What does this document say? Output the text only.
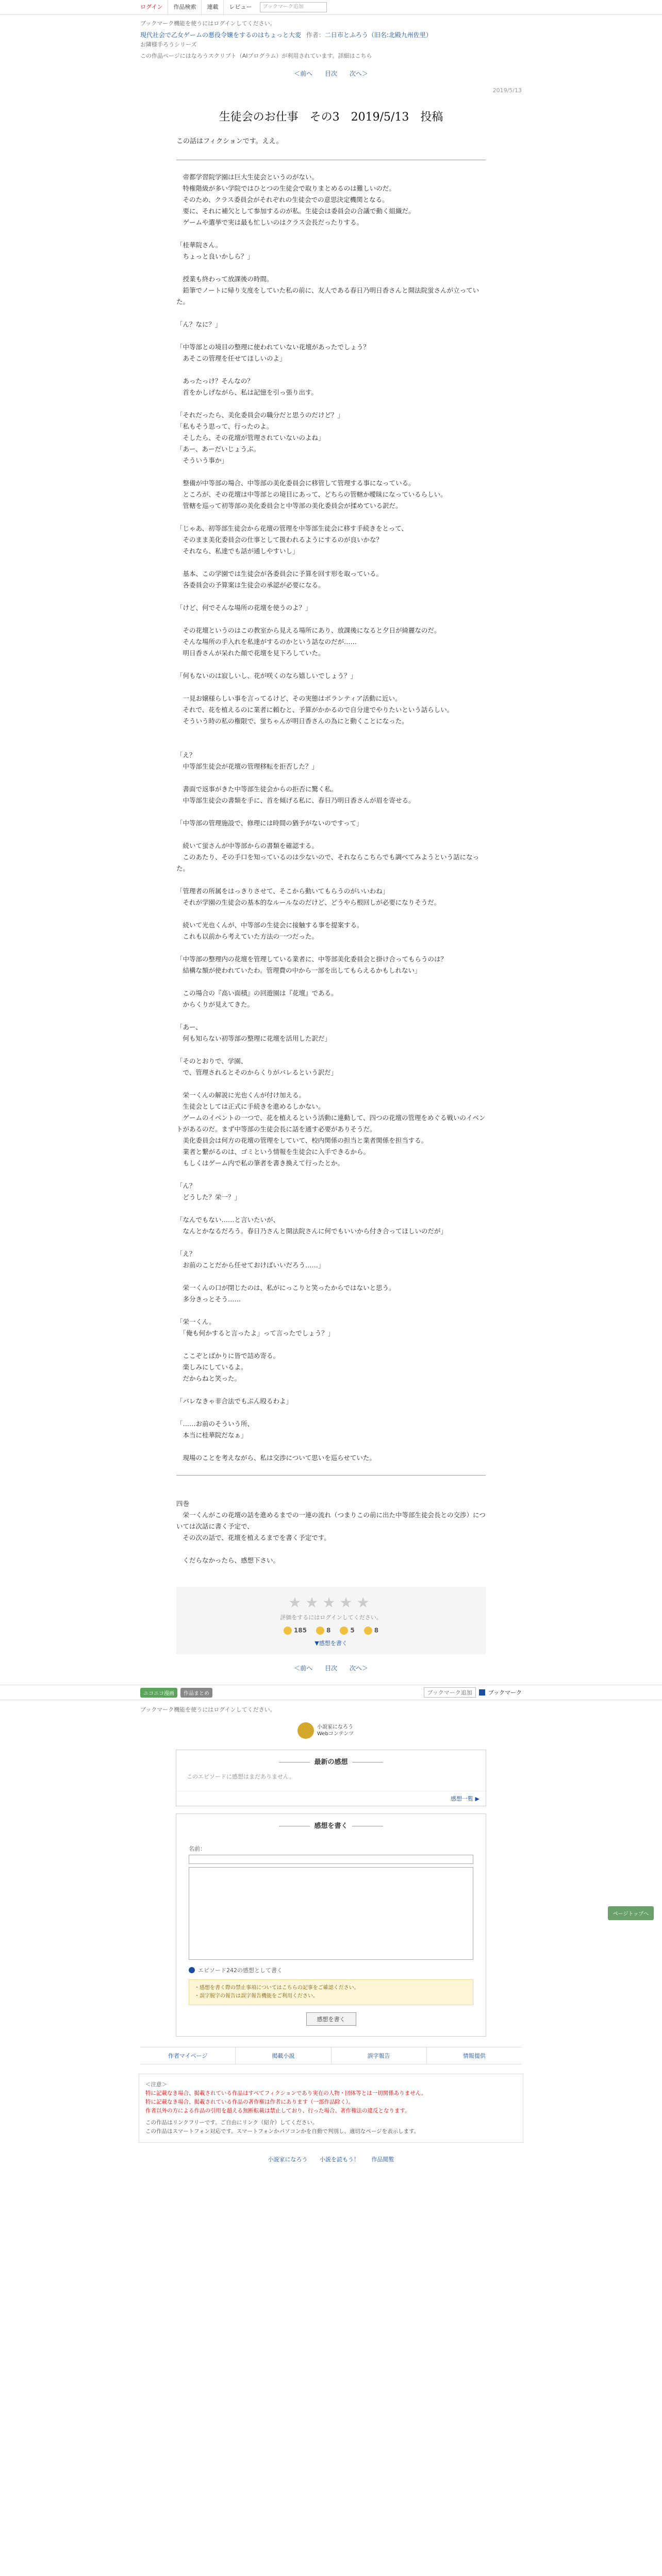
ログイン	作品検索	連載	レビュー	ブックマーク追加
ブックマーク機能を使うにはログインしてください。
現代社会で乙女ゲームの悪役令嬢をするのはちょっと大変 作者：二日市とふろう（旧名:北殿九州佐里）
お隣様手ろうシリーズ
この作品ページにはなろうスクリプト（AIプログラム）が利用されています。詳細はこちら
＜前へ 目次 次へ＞
2019/5/13
生徒会のお仕事　その3　2019/5/13　投稿
この話はフィクションです。ええ。

　帝都学習院学園は巨大生徒会というのがない。

　特権階級が多い学院ではひとつの生徒会で取りまとめるのは難しいのだ。

　そのため、クラス委員会がそれぞれの生徒会での意思決定機関となる。

　要に、それに補欠として参加するのが私。生徒会は委員会の合議で動く組織だ。

　ゲームや選挙で実は最も忙しいのはクラス会長だったりする。

「桂華院さん。

　ちょっと良いかしら？」

　授業も終わって放課後の時間。

　鉛筆でノートに帰り支度をしていた私の前に、友人である春日乃明日香さんと開法院蛍さんが立っていた。

「ん？なに？」

「中等部との境目の整理に使われていない花壇があったでしょう？

　あそこの管理を任せてほしいのよ」

　あったっけ？そんなの？

　首をかしげながら、私は記憶を引っ張り出す。

「それだったら、美化委員会の職分だと思うのだけど？」

「私もそう思って、行ったのよ。

　そしたら、その花壇が管理されていないのよね」

「あー、あーだいじょうぶ。

　そういう事か」

　整備が中等部の場合、中等部の美化委員会に移管して管理する事になっている。

　ところが、その花壇は中等部との境目にあって、どちらの管轄か曖昧になっているらしい。

　管轄を巡って初等部の美化委員会と中等部の美化委員会が揉めている訳だ。

「じゃあ、初等部生徒会から花壇の管理を中等部生徒会に移す手続きをとって、

　そのまま美化委員会の仕事として扱われるようにするのが良いかな？

　それなら、私達でも話が通しやすいし」

　基本、この学園では生徒会が各委員会に予算を回す形を取っている。

　各委員会の予算案は生徒会の承認が必要になる。

「けど、何でそんな場所の花壇を使うのよ？」

　その花壇というのはこの教室から見える場所にあり、放課後になると夕日が綺麗なのだ。

　そんな場所の手入れを私達がするのかという話なのだが……

　明日香さんが呆れた顔で花壇を見下ろしていた。

「何もないのは寂しいし、花が咲くのなら嬉しいでしょう？」

　一見お嬢様らしい事を言ってるけど、その実態はボランティア活動に近い。

　それで、花を植えるのに業者に頼むと、予算がかかるので自分達でやりたいという話らしい。

　そういう時の私の権限で、蛍ちゃんが明日香さんの為にと動くことになった。

「え？

　中等部生徒会が花壇の管理移転を拒否した？」

　書面で返事がきた中等部生徒会からの拒否に驚く私。

　中等部生徒会の書類を手に、首を傾げる私に、春日乃明日香さんが眉を寄せる。

「中等部の管理施設で、修理には時間の猶予がないのですって」

　続いて蛍さんが中等部からの書類を確認する。

　このあたり、その手口を知っているのは少ないので、それならこちらでも調べてみようという話になった。

「管理者の所属をはっきりさせて、そこから動いてもらうのがいいわね」

　それが学園の生徒会の基本的なルールなのだけど、どうやら根回しが必要になりそうだ。

　続いて光也くんが、中等部の生徒会に接触する事を提案する。

　これも以前から考えていた方法の一つだった。

「中等部の整理内の花壇を管理している業者に、中等部美化委員会と掛け合ってもらうのは？

　結構な額が使われていたわ。管理費の中から一部を出してもらえるかもしれない」

　この場合の『高い面積』の回遊園は『花壇』である。

　からくりが見えてきた。

「あー、

　何も知らない初等部の整理に花壇を活用した訳だ」

「そのとおりで、学園、

　で、管理されるとそのからくりがバレるという訳だ」

　栄一くんの解説に光也くんが付け加える。

　生徒会としては正式に手続きを進めるしかない。

　ゲームのイベントの一つで、花を植えるという活動に連動して、四つの花壇の管理をめぐる戦いのイベントがあるのだ。まず中等部の生徒会長に話を通す必要がありそうだ。

　美化委員会は何方の花壇の管理をしていて、校内関係の担当と業者関係を担当する。

　業者と繋がるのは、ゴミという情報を生徒会に入手できるから。

　もしくはゲーム内で私の筆者を書き換えて行ったとか。

「ん？

　どうした？栄一？」

「なんでもない……と言いたいが、

　なんとかなるだろう。春日乃さんと開法院さんに何でもいいから付き合ってほしいのだが」

「え？

　お前のことだから任せておけばいいだろう……」

　栄一くんの口が閉じたのは、私がにっこりと笑ったからではないと思う。

　多分きっとそう……

「栄一くん。

　「俺も何かすると言ったよ」って言ったでしょう？」

　ここぞとばかりに皆で詰め寄る。

　楽しみにしているよ。

　だからねと笑った。

「パレなきゃ非合法でもぶん殴るわよ」

「……お前のそういう所、

　本当に桂華院だなぁ」

　現場のことを考えながら、私は交渉について思いを巡らせていた。

四巻

　栄一くんがこの花壇の話を進めるまでの一連の流れ（つまりこの前に出た中等部生徒会長との交渉）については次話に書く予定で、

　その次の話で、花壇を植えるまでを書く予定です。

　くだらなかったら、感想下さい。

★★★★★
評価をするにはログインしてください。
185	8	5	8
▼感想を書く
＜前へ 目次 次へ＞
ニコニコ漫画	作品まとめ	ブックマーク追加	ブックマーク
ブックマーク機能を使うにはログインしてください。
小説家になろう
Webコンテンツ
最新の感想
このエピソードに感想はまだありません。
感想一覧 ▶
感想を書く
名前：
エピソード242の感想として書く
・感想を書く際の禁止事項についてはこちらの記事をご確認ください。
・誤字脱字の報告は誤字報告機能をご利用ください。
感想を書く
作者マイページ	掲載小説	誤字報告	情報提供
＜注意＞
特に記載なき場合、掲載されている作品はすべてフィクションであり実在の人物・団体等とは一切関係ありません。
特に記載なき場合、掲載されている作品の著作権は作者にあります（一部作品除く）。
作者以外の方による作品の引用を超える無断転載は禁止しており、行った場合、著作権法の違反となります。
この作品はリンクフリーです。ご自由にリンク（紹介）してください。
この作品はスマートフォン対応です。スマートフォンかパソコンかを自動で判別し、適切なページを表示します。
小説家になろう 小説を読もう！ 作品閲覧
ページトップへ
